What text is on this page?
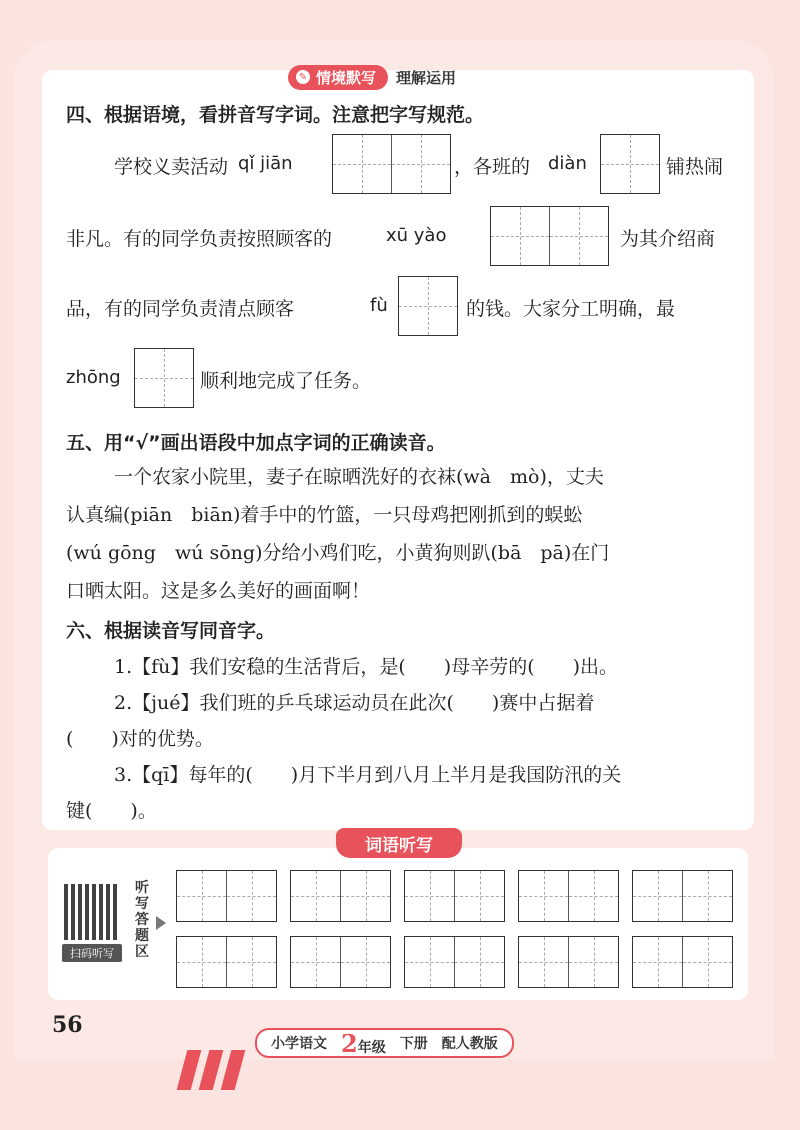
✎ 情境默写 理解运用
四、根据语境，看拼音写字词。注意把字写规范。
学校义卖活动 qǐ jiān	，各班的 diàn	铺热闹
非凡。有的同学负责按照顾客的	xū yào	为其介绍商
品，有的同学负责清点顾客	fù	的钱。大家分工明确，最
zhōng	顺利地完成了任务。
五、用“√”画出语段中加点字词的正确读音。
一个农家小院里，妻子在晾晒洗好的衣袜(wà　mò)，丈夫
认真编(piān　biān)着手中的竹篮，一只母鸡把刚抓到的蜈蚣
(wú gōng　wú sōng)分给小鸡们吃，小黄狗则趴(bā　pā)在门
口晒太阳。这是多么美好的画面啊！
六、根据读音写同音字。
1.【fù】我们安稳的生活背后，是(　　)母辛劳的(　　)出。
2.【jué】我们班的乒乓球运动员在此次(　　)赛中占据着
(　　)对的优势。
3.【qī】每年的(　　)月下半月到八月上半月是我国防汛的关
键(　　)。
词语听写
扫码听写
听写答题区
56
小学语文 2年级 下册 配人教版
